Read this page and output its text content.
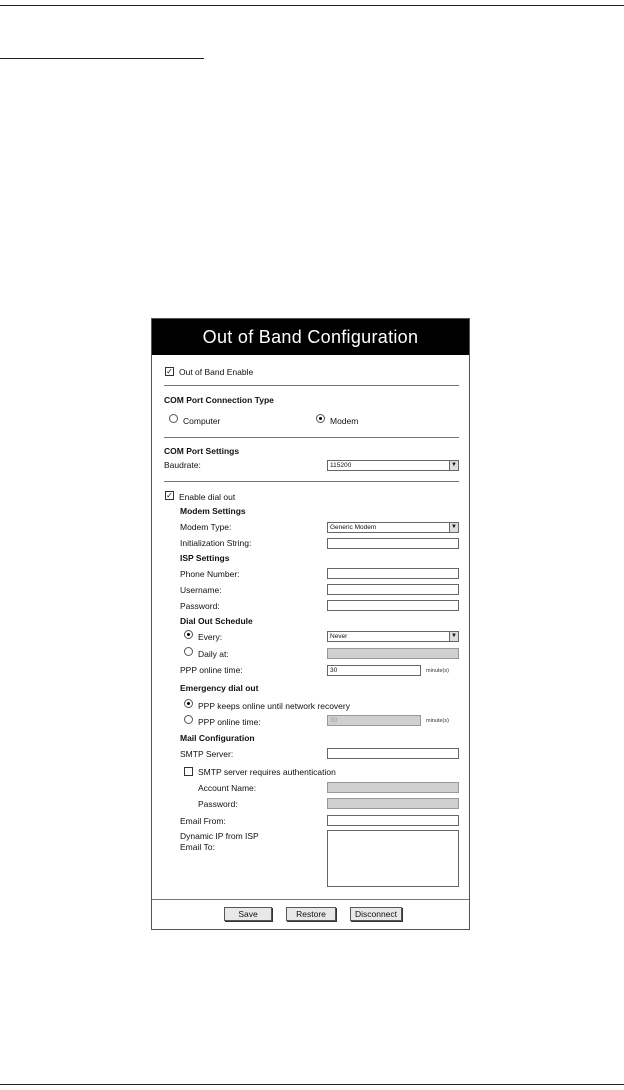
Out of Band Configuration
✓ Out of Band Enable
COM Port Connection Type
Computer	Modem
COM Port Settings
Baudrate:	115200	▼
✓ Enable dial out
Modem Settings
Modem Type:	Generic Modem	▼
Initialization String:
ISP Settings
Phone Number:
Username:
Password:
Dial Out Schedule
Every:	Never	▼
Daily at:
PPP online time:	30	minute(s)
Emergency dial out
PPP keeps online until network recovery
PPP online time:	30	minute(s)
Mail Configuration
SMTP Server:
SMTP server requires authentication
Account Name:
Password:
Email From:
Dynamic IP from ISP
Email To:
Save	Restore	Disconnect
